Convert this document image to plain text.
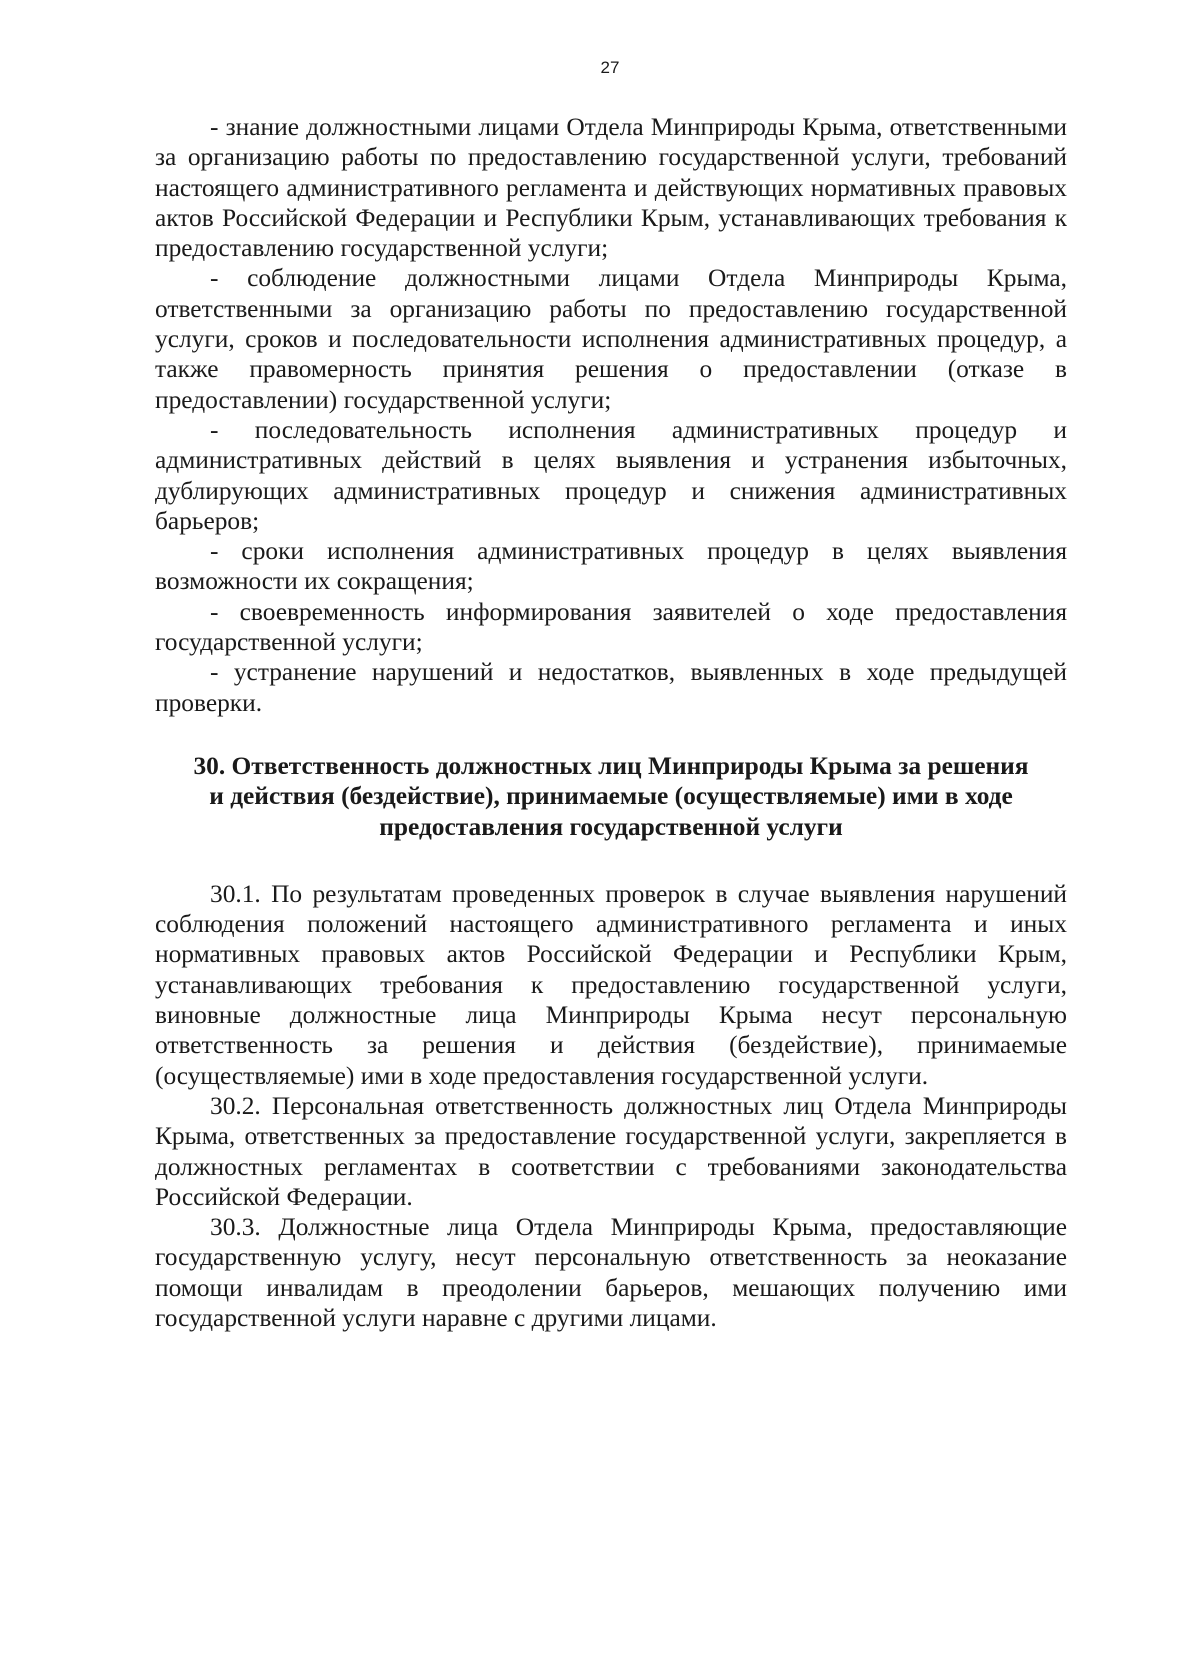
27

- знание должностными лицами Отдела Минприроды Крыма, ответственными за организацию работы по предоставлению государственной услуги, требований настоящего административного регламента и действующих нормативных правовых актов Российской Федерации и Республики Крым, устанавливающих требования к предоставлению государственной услуги;

- соблюдение должностными лицами Отдела Минприроды Крыма, ответственными за организацию работы по предоставлению государственной услуги, сроков и последовательности исполнения административных процедур, а также правомерность принятия решения о предоставлении (отказе в предоставлении) государственной услуги;

- последовательность исполнения административных процедур и административных действий в целях выявления и устранения избыточных, дублирующих административных процедур и снижения административных барьеров;

- сроки исполнения административных процедур в целях выявления возможности их сокращения;

- своевременность информирования заявителей о ходе предоставления государственной услуги;

- устранение нарушений и недостатков, выявленных в ходе предыдущей проверки.

30. Ответственность должностных лиц Минприроды Крыма за решения
и действия (бездействие), принимаемые (осуществляемые) ими в ходе
предоставления государственной услуги

30.1. По результатам проведенных проверок в случае выявления нарушений соблюдения положений настоящего административного регламента и иных нормативных правовых актов Российской Федерации и Республики Крым, устанавливающих требования к предоставлению государственной услуги, виновные должностные лица Минприроды Крыма несут персональную ответственность за решения и действия (бездействие), принимаемые (осуществляемые) ими в ходе предоставления государственной услуги.

30.2. Персональная ответственность должностных лиц Отдела Минприроды Крыма, ответственных за предоставление государственной услуги, закрепляется в должностных регламентах в соответствии с требованиями законодательства Российской Федерации.

30.3. Должностные лица Отдела Минприроды Крыма, предоставляющие государственную услугу, несут персональную ответственность за неоказание помощи инвалидам в преодолении барьеров, мешающих получению ими государственной услуги наравне с другими лицами.
